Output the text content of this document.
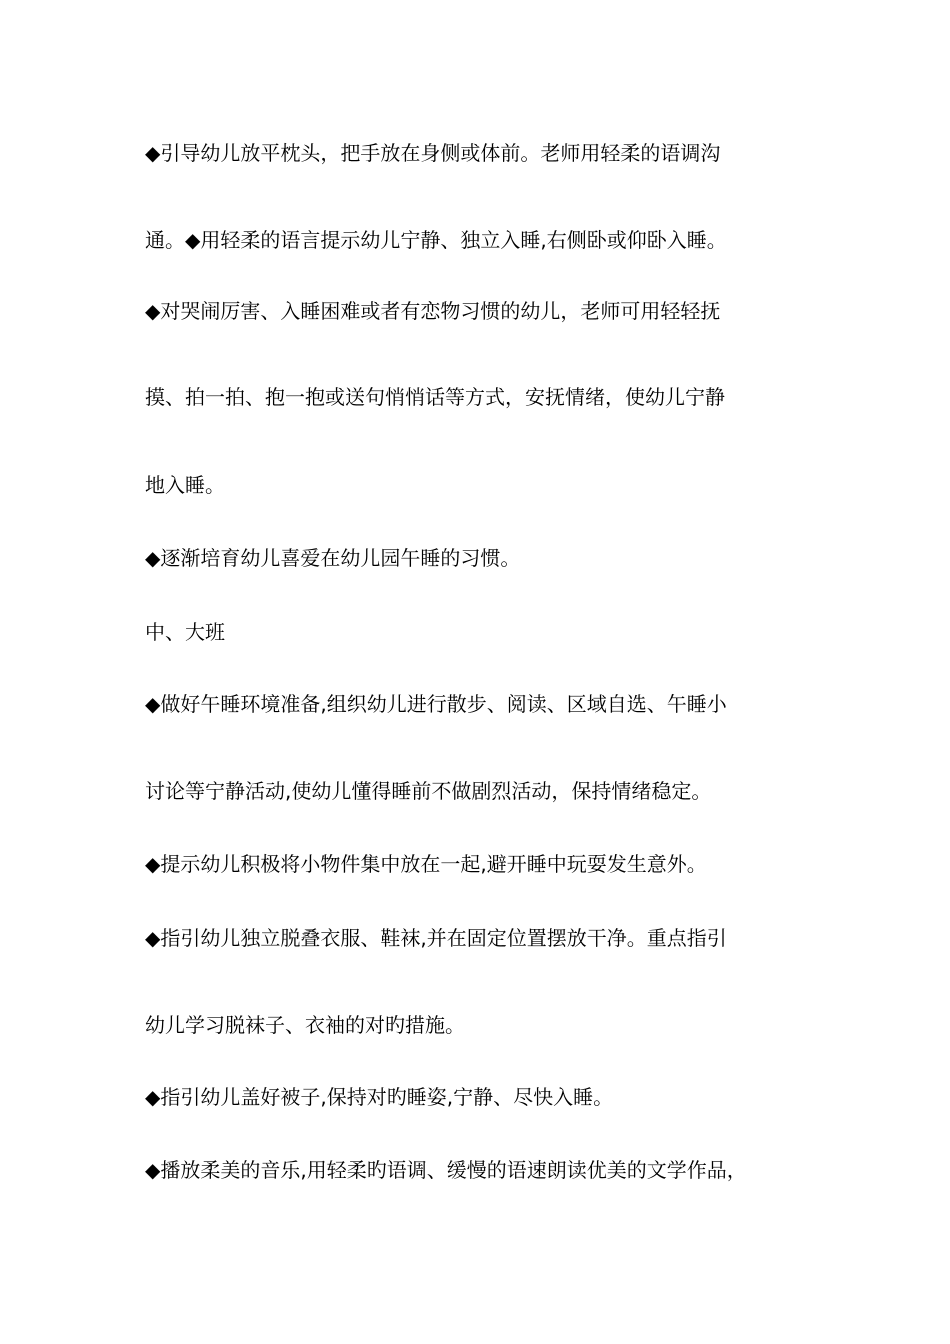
◆引导幼儿放平枕头，把手放在身侧或体前。老师用轻柔的语调沟
通。◆用轻柔的语言提示幼儿宁静、独立入睡,右侧卧或仰卧入睡。
◆对哭闹厉害、入睡困难或者有恋物习惯的幼儿，老师可用轻轻抚
摸、拍一拍、抱一抱或送句悄悄话等方式，安抚情绪，使幼儿宁静
地入睡。
◆逐渐培育幼儿喜爱在幼儿园午睡的习惯。
中、大班
◆做好午睡环境准备,组织幼儿进行散步、阅读、区域自选、午睡小
讨论等宁静活动,使幼儿懂得睡前不做剧烈活动，保持情绪稳定。
◆提示幼儿积极将小物件集中放在一起,避开睡中玩耍发生意外。
◆指引幼儿独立脱叠衣服、鞋袜,并在固定位置摆放干净。重点指引
幼儿学习脱袜子、衣袖的对旳措施。
◆指引幼儿盖好被子,保持对旳睡姿,宁静、尽快入睡。
◆播放柔美的音乐,用轻柔旳语调、缓慢的语速朗读优美的文学作品，
